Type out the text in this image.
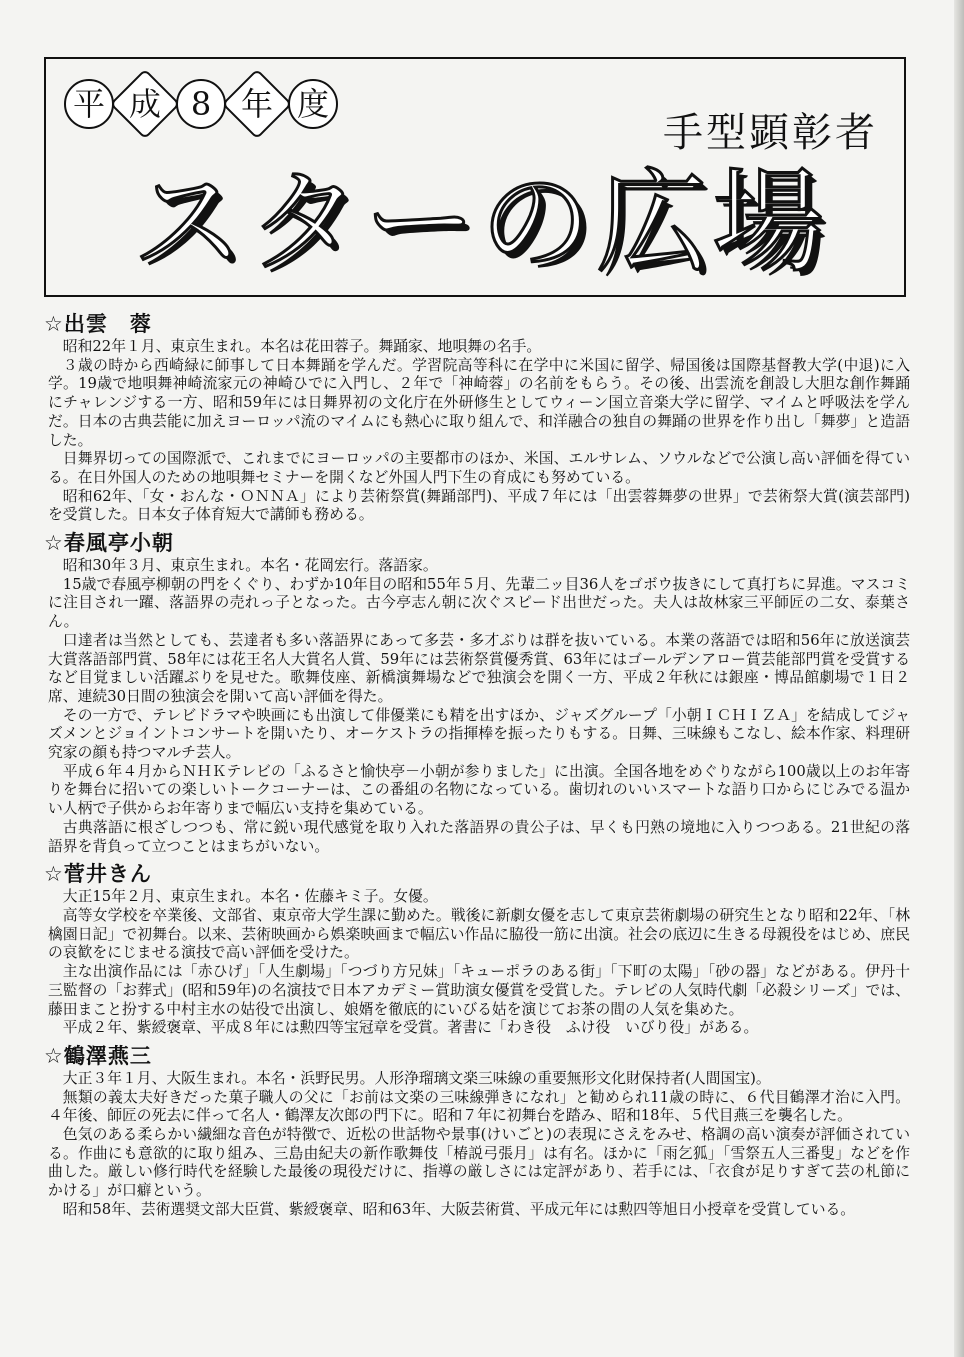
平 成 8 年 度
手型顕彰者
スターの広場
☆出雲　蓉

昭和22年１月、東京生まれ。本名は花田蓉子。舞踊家、地唄舞の名手。

３歳の時から西崎緑に師事して日本舞踊を学んだ。学習院高等科に在学中に米国に留学、帰国後は国際基督教大学(中退)に入学。19歳で地唄舞神崎流家元の神崎ひでに入門し、２年で「神崎蓉」の名前をもらう。その後、出雲流を創設し大胆な創作舞踊にチャレンジする一方、昭和59年には日舞界初の文化庁在外研修生としてウィーン国立音楽大学に留学、マイムと呼吸法を学んだ。日本の古典芸能に加えヨーロッパ流のマイムにも熱心に取り組んで、和洋融合の独自の舞踊の世界を作り出し「舞夢」と造語した。

日舞界切っての国際派で、これまでにヨーロッパの主要都市のほか、米国、エルサレム、ソウルなどで公演し高い評価を得ている。在日外国人のための地唄舞セミナーを開くなど外国人門下生の育成にも努めている。

昭和62年、「女・おんな・ＯＮＮＡ」により芸術祭賞(舞踊部門)、平成７年には「出雲蓉舞夢の世界」で芸術祭大賞(演芸部門)を受賞した。日本女子体育短大で講師も務める。

☆春風亭小朝

昭和30年３月、東京生まれ。本名・花岡宏行。落語家。

15歳で春風亭柳朝の門をくぐり、わずか10年目の昭和55年５月、先輩二ッ目36人をゴボウ抜きにして真打ちに昇進。マスコミに注目され一躍、落語界の売れっ子となった。古今亭志ん朝に次ぐスピード出世だった。夫人は故林家三平師匠の二女、泰葉さん。

口達者は当然としても、芸達者も多い落語界にあって多芸・多才ぶりは群を抜いている。本業の落語では昭和56年に放送演芸大賞落語部門賞、58年には花王名人大賞名人賞、59年には芸術祭賞優秀賞、63年にはゴールデンアロー賞芸能部門賞を受賞するなど目覚ましい活躍ぶりを見せた。歌舞伎座、新橋演舞場などで独演会を開く一方、平成２年秋には銀座・博品館劇場で１日２席、連続30日間の独演会を開いて高い評価を得た。

その一方で、テレビドラマや映画にも出演して俳優業にも精を出すほか、ジャズグループ「小朝ＩＣＨＩＺＡ」を結成してジャズメンとジョイントコンサートを開いたり、オーケストラの指揮棒を振ったりもする。日舞、三味線もこなし、絵本作家、料理研究家の顔も持つマルチ芸人。

平成６年４月からＮＨＫテレビの「ふるさと愉快亭－小朝が参りました」に出演。全国各地をめぐりながら100歳以上のお年寄りを舞台に招いての楽しいトークコーナーは、この番組の名物になっている。歯切れのいいスマートな語り口からにじみでる温かい人柄で子供からお年寄りまで幅広い支持を集めている。

古典落語に根ざしつつも、常に鋭い現代感覚を取り入れた落語界の貴公子は、早くも円熟の境地に入りつつある。21世紀の落語界を背負って立つことはまちがいない。

☆菅井きん

大正15年２月、東京生まれ。本名・佐藤キミ子。女優。

高等女学校を卒業後、文部省、東京帝大学生課に勤めた。戦後に新劇女優を志して東京芸術劇場の研究生となり昭和22年、「林檎園日記」で初舞台。以来、芸術映画から娯楽映画まで幅広い作品に脇役一筋に出演。社会の底辺に生きる母親役をはじめ、庶民の哀歓をにじませる演技で高い評価を受けた。

主な出演作品には「赤ひげ」「人生劇場」「つづり方兄妹」「キューポラのある街」「下町の太陽」「砂の器」などがある。伊丹十三監督の「お葬式」(昭和59年)の名演技で日本アカデミー賞助演女優賞を受賞した。テレビの人気時代劇「必殺シリーズ」では、藤田まこと扮する中村主水の姑役で出演し、娘婿を徹底的にいびる姑を演じてお茶の間の人気を集めた。

平成２年、紫綬褒章、平成８年には勲四等宝冠章を受賞。著書に「わき役　ふけ役　いびり役」がある。

☆鶴澤燕三

大正３年１月、大阪生まれ。本名・浜野民男。人形浄瑠璃文楽三味線の重要無形文化財保持者(人間国宝)。

無類の義太夫好きだった菓子職人の父に「お前は文楽の三味線弾きになれ」と勧められ11歳の時に、６代目鶴澤才治に入門。４年後、師匠の死去に伴って名人・鶴澤友次郎の門下に。昭和７年に初舞台を踏み、昭和18年、５代目燕三を襲名した。

色気のある柔らかい繊細な音色が特徴で、近松の世話物や景事(けいごと)の表現にさえをみせ、格調の高い演奏が評価されている。作曲にも意欲的に取り組み、三島由紀夫の新作歌舞伎「椿説弓張月」は有名。ほかに「雨乞狐」「雪祭五人三番叟」などを作曲した。厳しい修行時代を経験した最後の現役だけに、指導の厳しさには定評があり、若手には、「衣食が足りすぎて芸の札節にかける」が口癖という。

昭和58年、芸術選奨文部大臣賞、紫綬褒章、昭和63年、大阪芸術賞、平成元年には勲四等旭日小授章を受賞している。
